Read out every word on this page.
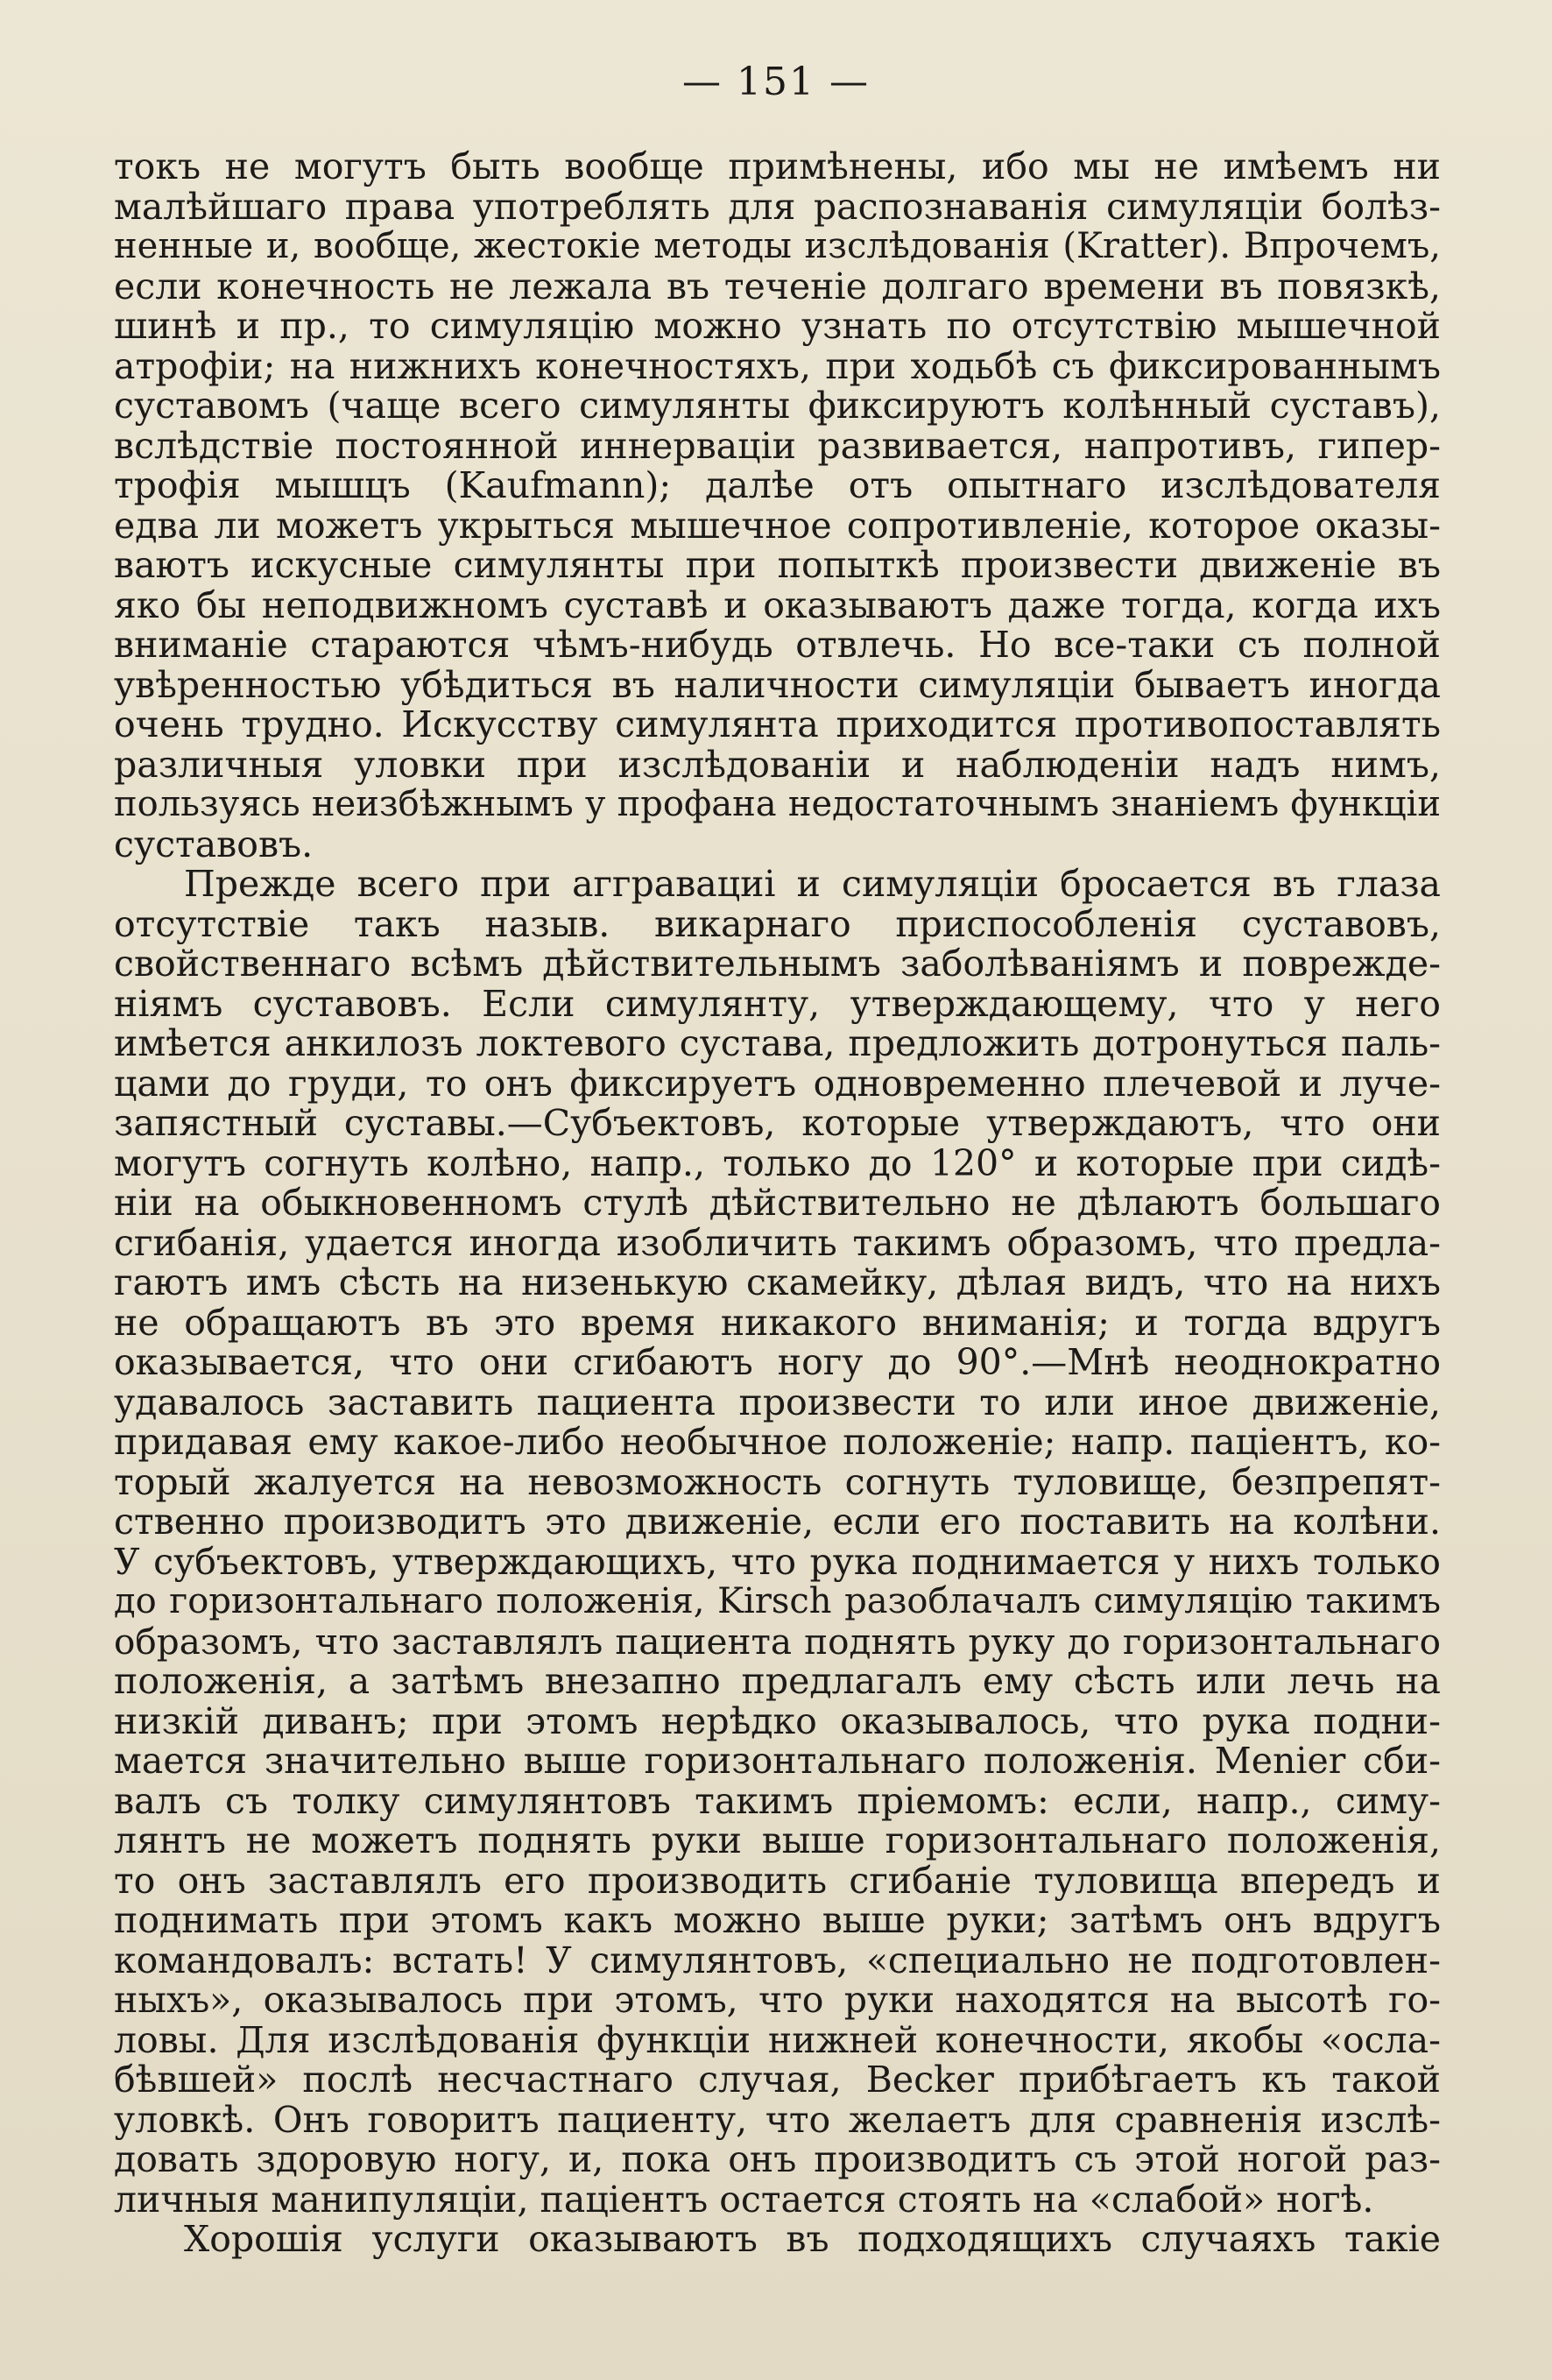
— 151 —
токъ не могутъ быть вообще примѣнены, ибо мы не имѣемъ ни
малѣйшаго права употреблять для распознаванія симуляціи болѣз-
ненные и, вообще, жестокіе методы изслѣдованія (Kratter). Впрочемъ,
если конечность не лежала въ теченіе долгаго времени въ повязкѣ,
шинѣ и пр., то симуляцію можно узнать по отсутствію мышечной
атрофіи; на нижнихъ конечностяхъ, при ходьбѣ съ фиксированнымъ
суставомъ (чаще всего симулянты фиксируютъ колѣнный суставъ),
вслѣдствіе постоянной иннерваціи развивается, напротивъ, гипер-
трофія мышцъ (Kaufmann); далѣе отъ опытнаго изслѣдователя
едва ли можетъ укрыться мышечное сопротивленіе, которое оказы-
ваютъ искусные симулянты при попыткѣ произвести движеніе въ
яко бы неподвижномъ суставѣ и оказываютъ даже тогда, когда ихъ
вниманіе стараются чѣмъ-нибудь отвлечь. Но все-таки съ полной
увѣренностью убѣдиться въ наличности симуляціи бываетъ иногда
очень трудно. Искусству симулянта приходится противопоставлять
различныя уловки при изслѣдованіи и наблюденіи надъ нимъ,
пользуясь неизбѣжнымъ у профана недостаточнымъ знаніемъ функціи
суставовъ.
Прежде всего при аггравациі и симуляціи бросается въ глаза
отсутствіе такъ назыв. викарнаго приспособленія суставовъ,
свойственнаго всѣмъ дѣйствительнымъ заболѣваніямъ и поврежде-
ніямъ суставовъ. Если симулянту, утверждающему, что у него
имѣется анкилозъ локтевого сустава, предложить дотронуться паль-
цами до груди, то онъ фиксируетъ одновременно плечевой и луче-
запястный суставы.—Субъектовъ, которые утверждаютъ, что они
могутъ согнуть колѣно, напр., только до 120° и которые при сидѣ-
ніи на обыкновенномъ стулѣ дѣйствительно не дѣлаютъ большаго
сгибанія, удается иногда изобличить такимъ образомъ, что предла-
гаютъ имъ сѣсть на низенькую скамейку, дѣлая видъ, что на нихъ
не обращаютъ въ это время никакого вниманія; и тогда вдругъ
оказывается, что они сгибаютъ ногу до 90°.—Мнѣ неоднократно
удавалось заставить пациента произвести то или иное движеніе,
придавая ему какое-либо необычное положеніе; напр. пацiентъ, ко-
торый жалуется на невозможность согнуть туловище, безпрепят-
ственно производитъ это движеніе, если его поставить на колѣни.
У субъектовъ, утверждающихъ, что рука поднимается у нихъ только
до горизонтальнаго положенія, Kirsch разоблачалъ симуляцію такимъ
образомъ, что заставлялъ пациента поднять руку до горизонтальнаго
положенія, а затѣмъ внезапно предлагалъ ему сѣсть или лечь на
низкій диванъ; при этомъ нерѣдко оказывалось, что рука подни-
мается значительно выше горизонтальнаго положенія. Menier сби-
валъ съ толку симулянтовъ такимъ пріемомъ: если, напр., симу-
лянтъ не можетъ поднять руки выше горизонтальнаго положенія,
то онъ заставлялъ его производить сгибаніе туловища впередъ и
поднимать при этомъ какъ можно выше руки; затѣмъ онъ вдругъ
командовалъ: встать! У симулянтовъ, «специально не подготовлен-
ныхъ», оказывалось при этомъ, что руки находятся на высотѣ го-
ловы. Для изслѣдованія функціи нижней конечности, якобы «осла-
бѣвшей» послѣ несчастнаго случая, Becker прибѣгаетъ къ такой
уловкѣ. Онъ говоритъ пациенту, что желаетъ для сравненія изслѣ-
довать здоровую ногу, и, пока онъ производитъ съ этой ногой раз-
личныя манипуляціи, пацiентъ остается стоять на «слабой» ногѣ.
Хорошія услуги оказываютъ въ подходящихъ случаяхъ такіе
